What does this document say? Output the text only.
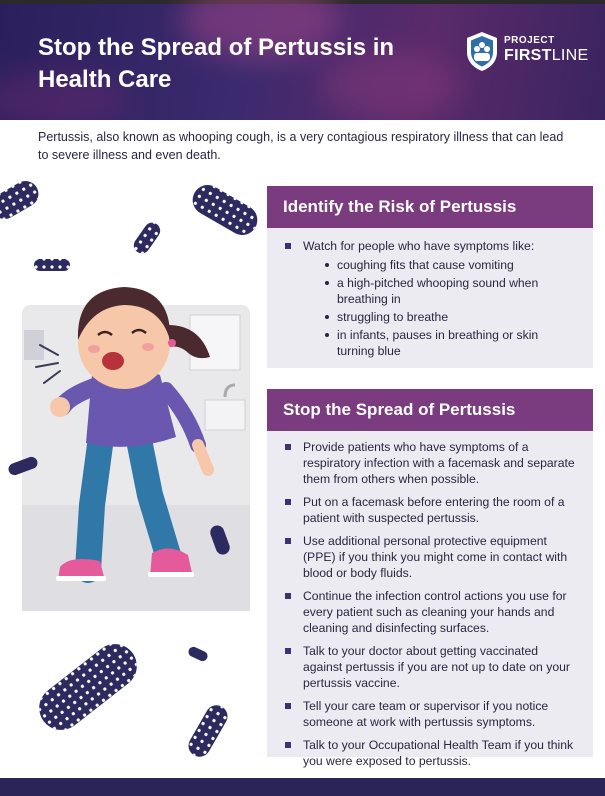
Stop the Spread of Pertussis in Health Care
PROJECT
FIRSTLINE

Pertussis, also known as whooping cough, is a very contagious respiratory illness that can lead to severe illness and even death.

Identify the Risk of Pertussis
Watch for people who have symptoms like:
coughing fits that cause vomiting
a high-pitched whooping sound when breathing in
struggling to breathe
in infants, pauses in breathing or skin turning blue
Stop the Spread of Pertussis
Provide patients who have symptoms of a respiratory infection with a facemask and separate them from others when possible.
Put on a facemask before entering the room of a patient with suspected pertussis.
Use additional personal protective equipment (PPE) if you think you might come in contact with blood or body fluids.
Continue the infection control actions you use for every patient such as cleaning your hands and cleaning and disinfecting surfaces.
Talk to your doctor about getting vaccinated against pertussis if you are not up to date on your pertussis vaccine.
Tell your care team or supervisor if you notice someone at work with pertussis symptoms.
Talk to your Occupational Health Team if you think you were exposed to pertussis.
